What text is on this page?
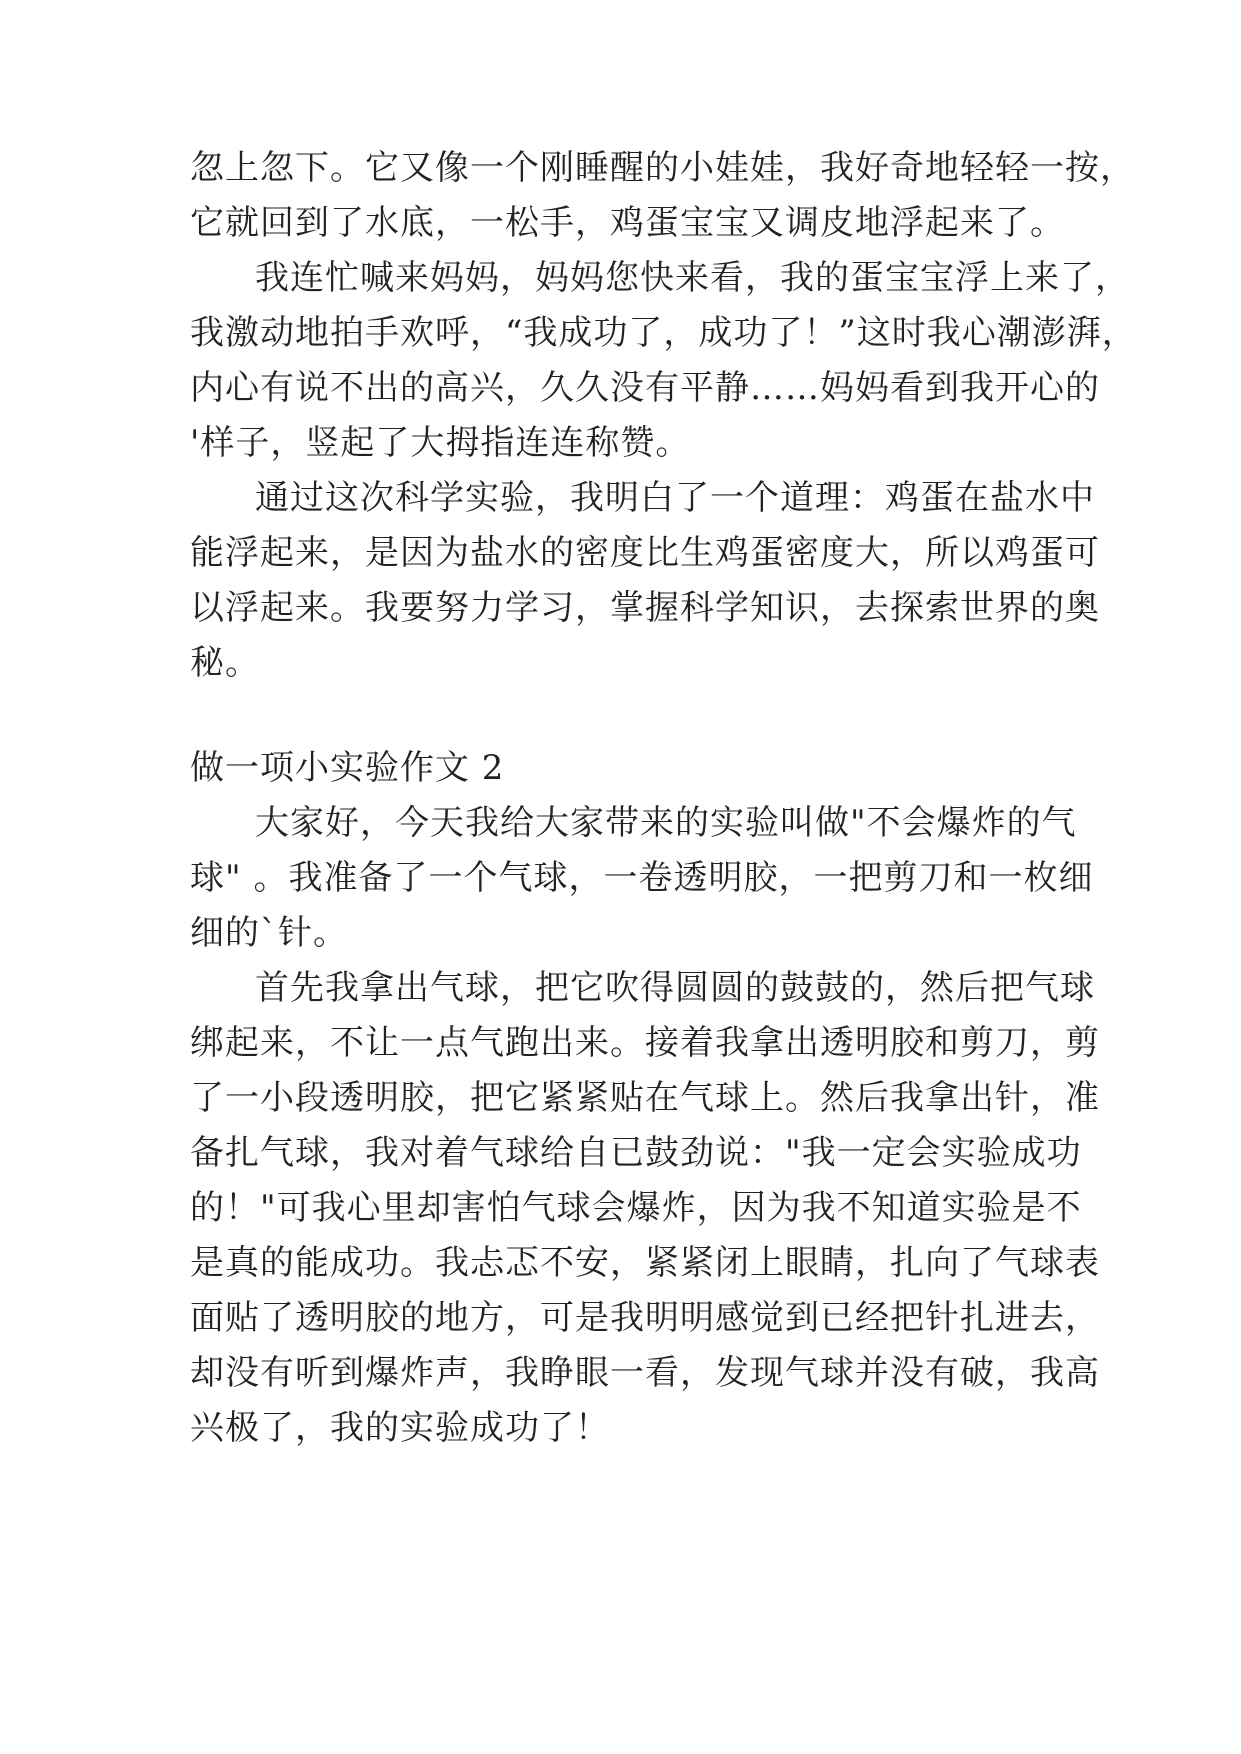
忽上忽下。它又像一个刚睡醒的小娃娃，我好奇地轻轻一按，
它就回到了水底，一松手，鸡蛋宝宝又调皮地浮起来了。
我连忙喊来妈妈，妈妈您快来看，我的蛋宝宝浮上来了，
我激动地拍手欢呼，“我成功了，成功了！”这时我心潮澎湃，
内心有说不出的高兴，久久没有平静……妈妈看到我开心的
'样子，竖起了大拇指连连称赞。
通过这次科学实验，我明白了一个道理：鸡蛋在盐水中
能浮起来，是因为盐水的密度比生鸡蛋密度大，所以鸡蛋可
以浮起来。我要努力学习，掌握科学知识，去探索世界的奥
秘。
做一项小实验作文 2
大家好，今天我给大家带来的实验叫做"不会爆炸的气
球" 。我准备了一个气球，一卷透明胶，一把剪刀和一枚细
细的`针。
首先我拿出气球，把它吹得圆圆的鼓鼓的，然后把气球
绑起来，不让一点气跑出来。接着我拿出透明胶和剪刀，剪
了一小段透明胶，把它紧紧贴在气球上。然后我拿出针，准
备扎气球，我对着气球给自已鼓劲说："我一定会实验成功
的！"可我心里却害怕气球会爆炸，因为我不知道实验是不
是真的能成功。我忐忑不安，紧紧闭上眼睛，扎向了气球表
面贴了透明胶的地方，可是我明明感觉到已经把针扎进去，
却没有听到爆炸声，我睁眼一看，发现气球并没有破，我高
兴极了，我的实验成功了！
